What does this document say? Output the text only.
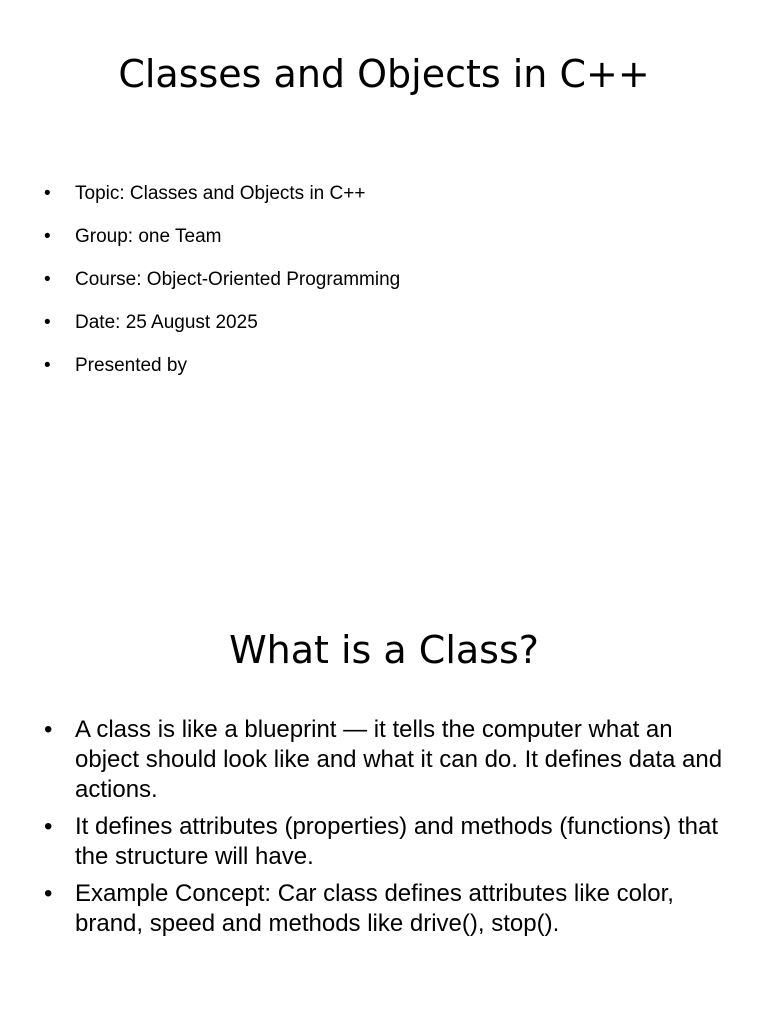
Classes and Objects in C++
• Topic: Classes and Objects in C++
• Group: one Team
• Course: Object-Oriented Programming
• Date: 25 August 2025
• Presented by
What is a Class?
• A class is like a blueprint — it tells the computer what an object should look like and what it can do. It defines data and actions.
• It defines attributes (properties) and methods (functions) that the structure will have.
• Example Concept: Car class defines attributes like color, brand, speed and methods like drive(), stop().
